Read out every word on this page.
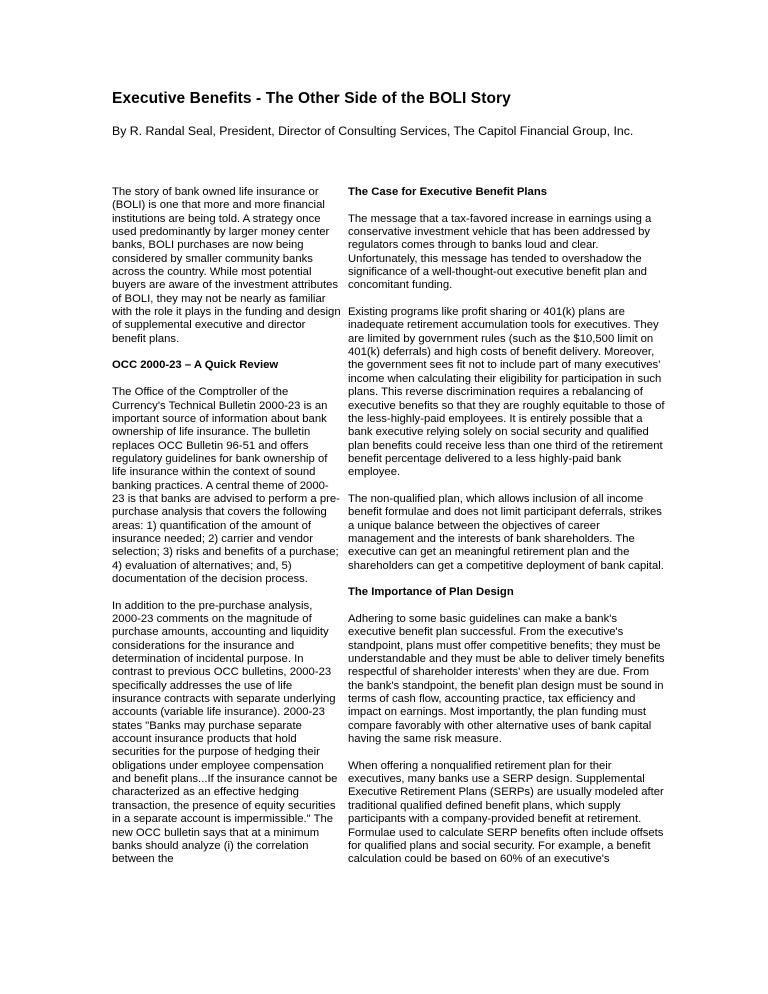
Executive Benefits - The Other Side of the BOLI Story
By R. Randal Seal, President, Director of Consulting Services, The Capitol Financial Group, Inc.

The story of bank owned life insurance or (BOLI) is one that more and more financial institutions are being told. A strategy once used predominantly by larger money center banks, BOLI purchases are now being considered by smaller community banks across the country. While most potential buyers are aware of the investment attributes of BOLI, they may not be nearly as familiar with the role it plays in the funding and design of supplemental executive and director benefit plans.

OCC 2000-23 – A Quick Review

The Office of the Comptroller of the Currency's Technical Bulletin 2000-23 is an important source of information about bank ownership of life insurance. The bulletin replaces OCC Bulletin 96-51 and offers regulatory guidelines for bank ownership of life insurance within the context of sound banking practices. A central theme of 2000-23 is that banks are advised to perform a pre-purchase analysis that covers the following areas: 1) quantification of the amount of insurance needed; 2) carrier and vendor selection; 3) risks and benefits of a purchase; 4) evaluation of alternatives; and, 5) documentation of the decision process.

In addition to the pre-purchase analysis, 2000-23 comments on the magnitude of purchase amounts, accounting and liquidity considerations for the insurance and determination of incidental purpose. In contrast to previous OCC bulletins, 2000-23 specifically addresses the use of life insurance contracts with separate underlying accounts (variable life insurance). 2000-23 states "Banks may purchase separate account insurance products that hold securities for the purpose of hedging their obligations under employee compensation and benefit plans...If the insurance cannot be characterized as an effective hedging transaction, the presence of equity securities in a separate account is impermissible." The new OCC bulletin says that at a minimum banks should analyze (i) the correlation between the

The Case for Executive Benefit Plans

The message that a tax-favored increase in earnings using a conservative investment vehicle that has been addressed by regulators comes through to banks loud and clear. Unfortunately, this message has tended to overshadow the significance of a well-thought-out executive benefit plan and concomitant funding.

Existing programs like profit sharing or 401(k) plans are inadequate retirement accumulation tools for executives. They are limited by government rules (such as the $10,500 limit on 401(k) deferrals) and high costs of benefit delivery. Moreover, the government sees fit not to include part of many executives' income when calculating their eligibility for participation in such plans. This reverse discrimination requires a rebalancing of executive benefits so that they are roughly equitable to those of the less-highly-paid employees. It is entirely possible that a bank executive relying solely on social security and qualified plan benefits could receive less than one third of the retirement benefit percentage delivered to a less highly-paid bank employee.

The non-qualified plan, which allows inclusion of all income benefit formulae and does not limit participant deferrals, strikes a unique balance between the objectives of career management and the interests of bank shareholders. The executive can get an meaningful retirement plan and the shareholders can get a competitive deployment of bank capital.

The Importance of Plan Design

Adhering to some basic guidelines can make a bank's executive benefit plan successful. From the executive's standpoint, plans must offer competitive benefits; they must be understandable and they must be able to deliver timely benefits respectful of shareholder interests' when they are due. From the bank's standpoint, the benefit plan design must be sound in terms of cash flow, accounting practice, tax efficiency and impact on earnings. Most importantly, the plan funding must compare favorably with other alternative uses of bank capital having the same risk measure.

When offering a nonqualified retirement plan for their executives, many banks use a SERP design. Supplemental Executive Retirement Plans (SERPs) are usually modeled after traditional qualified defined benefit plans, which supply participants with a company-provided benefit at retirement. Formulae used to calculate SERP benefits often include offsets for qualified plans and social security. For example, a benefit calculation could be based on 60% of an executive's
